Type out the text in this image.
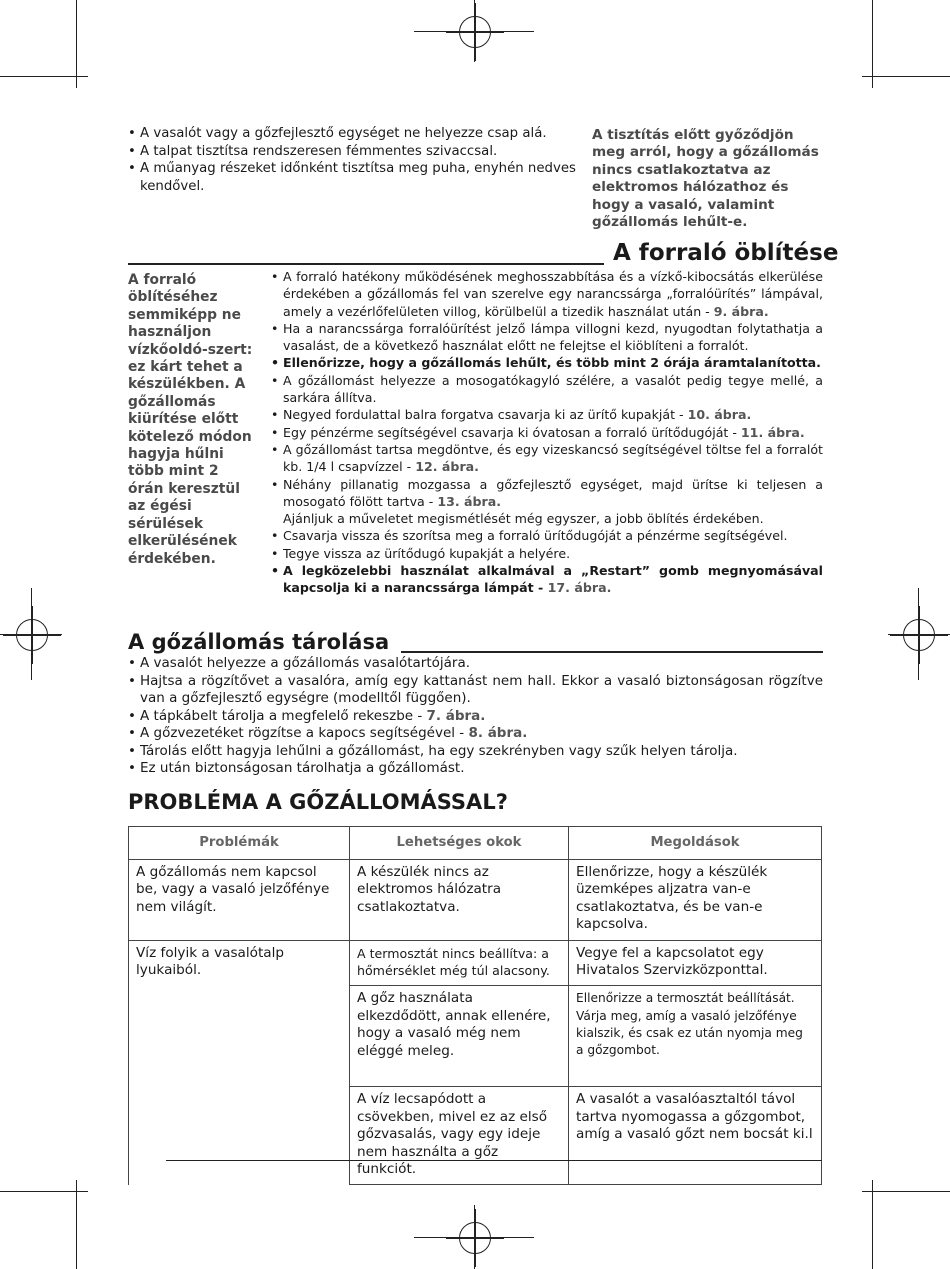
• A vasalót vagy a gőzfejlesztő egységet ne helyezze csap alá.
• A talpat tisztítsa rendszeresen fémmentes szivaccsal.
• A műanyag részeket időnként tisztítsa meg puha, enyhén nedves kendővel.
A tisztítás előtt győződjön meg arról, hogy a gőzállomás nincs csatlakoztatva az elektromos hálózathoz és hogy a vasaló, valamint gőzállomás lehűlt-e.
A forraló öblítése
A forraló öblítéséhez semmiképp ne használjon vízkőoldó-szert: ez kárt tehet a készülékben. A gőzállomás kiürítése előtt kötelező módon hagyja hűlni több mint 2 órán keresztül az égési sérülések elkerülésének érdekében.
• A forraló hatékony működésének meghosszabbítása és a vízkő-kibocsátás elkerülése érdekében a gőzállomás fel van szerelve egy narancssárga „forralóürítés” lámpával, amely a vezérlőfelületen villog, körülbelül a tizedik használat után - 9. ábra.
• Ha a narancssárga forralóürítést jelző lámpa villogni kezd, nyugodtan folytathatja a vasalást, de a következő használat előtt ne felejtse el kiöblíteni a forralót.
• Ellenőrizze, hogy a gőzállomás lehűlt, és több mint 2 órája áramtalanította.
• A gőzállomást helyezze a mosogatókagyló szélére, a vasalót pedig tegye mellé, a sarkára állítva.
• Negyed fordulattal balra forgatva csavarja ki az ürítő kupakját - 10. ábra.
• Egy pénzérme segítségével csavarja ki óvatosan a forraló ürítődugóját - 11. ábra.
• A gőzállomást tartsa megdöntve, és egy vizeskancsó segítségével töltse fel a forralót kb. 1/4 l csapvízzel - 12. ábra.
• Néhány pillanatig mozgassa a gőzfejlesztő egységet, majd ürítse ki teljesen a mosogató fölött tartva - 13. ábra.
Ajánljuk a műveletet megismétlését még egyszer, a jobb öblítés érdekében.
• Csavarja vissza és szorítsa meg a forraló ürítődugóját a pénzérme segítségével.
• Tegye vissza az ürítődugó kupakját a helyére.
• A legközelebbi használat alkalmával a „Restart” gomb megnyomásával kapcsolja ki a narancssárga lámpát - 17. ábra.
A gőzállomás tárolása
• A vasalót helyezze a gőzállomás vasalótartójára.
• Hajtsa a rögzítővet a vasalóra, amíg egy kattanást nem hall. Ekkor a vasaló biztonságosan rögzítve van a gőzfejlesztő egységre (modelltől függően).
• A tápkábelt tárolja a megfelelő rekeszbe - 7. ábra.
• A gőzvezetéket rögzítse a kapocs segítségével - 8. ábra.
• Tárolás előtt hagyja lehűlni a gőzállomást, ha egy szekrényben vagy szűk helyen tárolja.
• Ez után biztonságosan tárolhatja a gőzállomást.
PROBLÉMA A GŐZÁLLOMÁSSAL?
Problémák	Lehetséges okok	Megoldások
A gőzállomás nem kapcsol be, vagy a vasaló jelzőfénye nem világít.	A készülék nincs az elektromos hálózatra csatlakoztatva.	Ellenőrizze, hogy a készülék üzemképes aljzatra van-e csatlakoztatva, és be van-e kapcsolva.
Víz folyik a vasalótalp lyukaiból.	A termosztát nincs beállítva: a hőmérséklet még túl alacsony.	Vegye fel a kapcsolatot egy Hivatalos Szervizközponttal.
	A gőz használata elkezdődött, annak ellenére, hogy a vasaló még nem eléggé meleg.	Ellenőrizze a termosztát beállítását. Várja meg, amíg a vasaló jelzőfénye kialszik, és csak ez után nyomja meg a gőzgombot.
	A víz lecsapódott a csövekben, mivel ez az első gőzvasalás, vagy egy ideje nem használta a gőz funkciót.	A vasalót a vasalóasztaltól távol tartva nyomogassa a gőzgombot, amíg a vasaló gőzt nem bocsát ki.l
